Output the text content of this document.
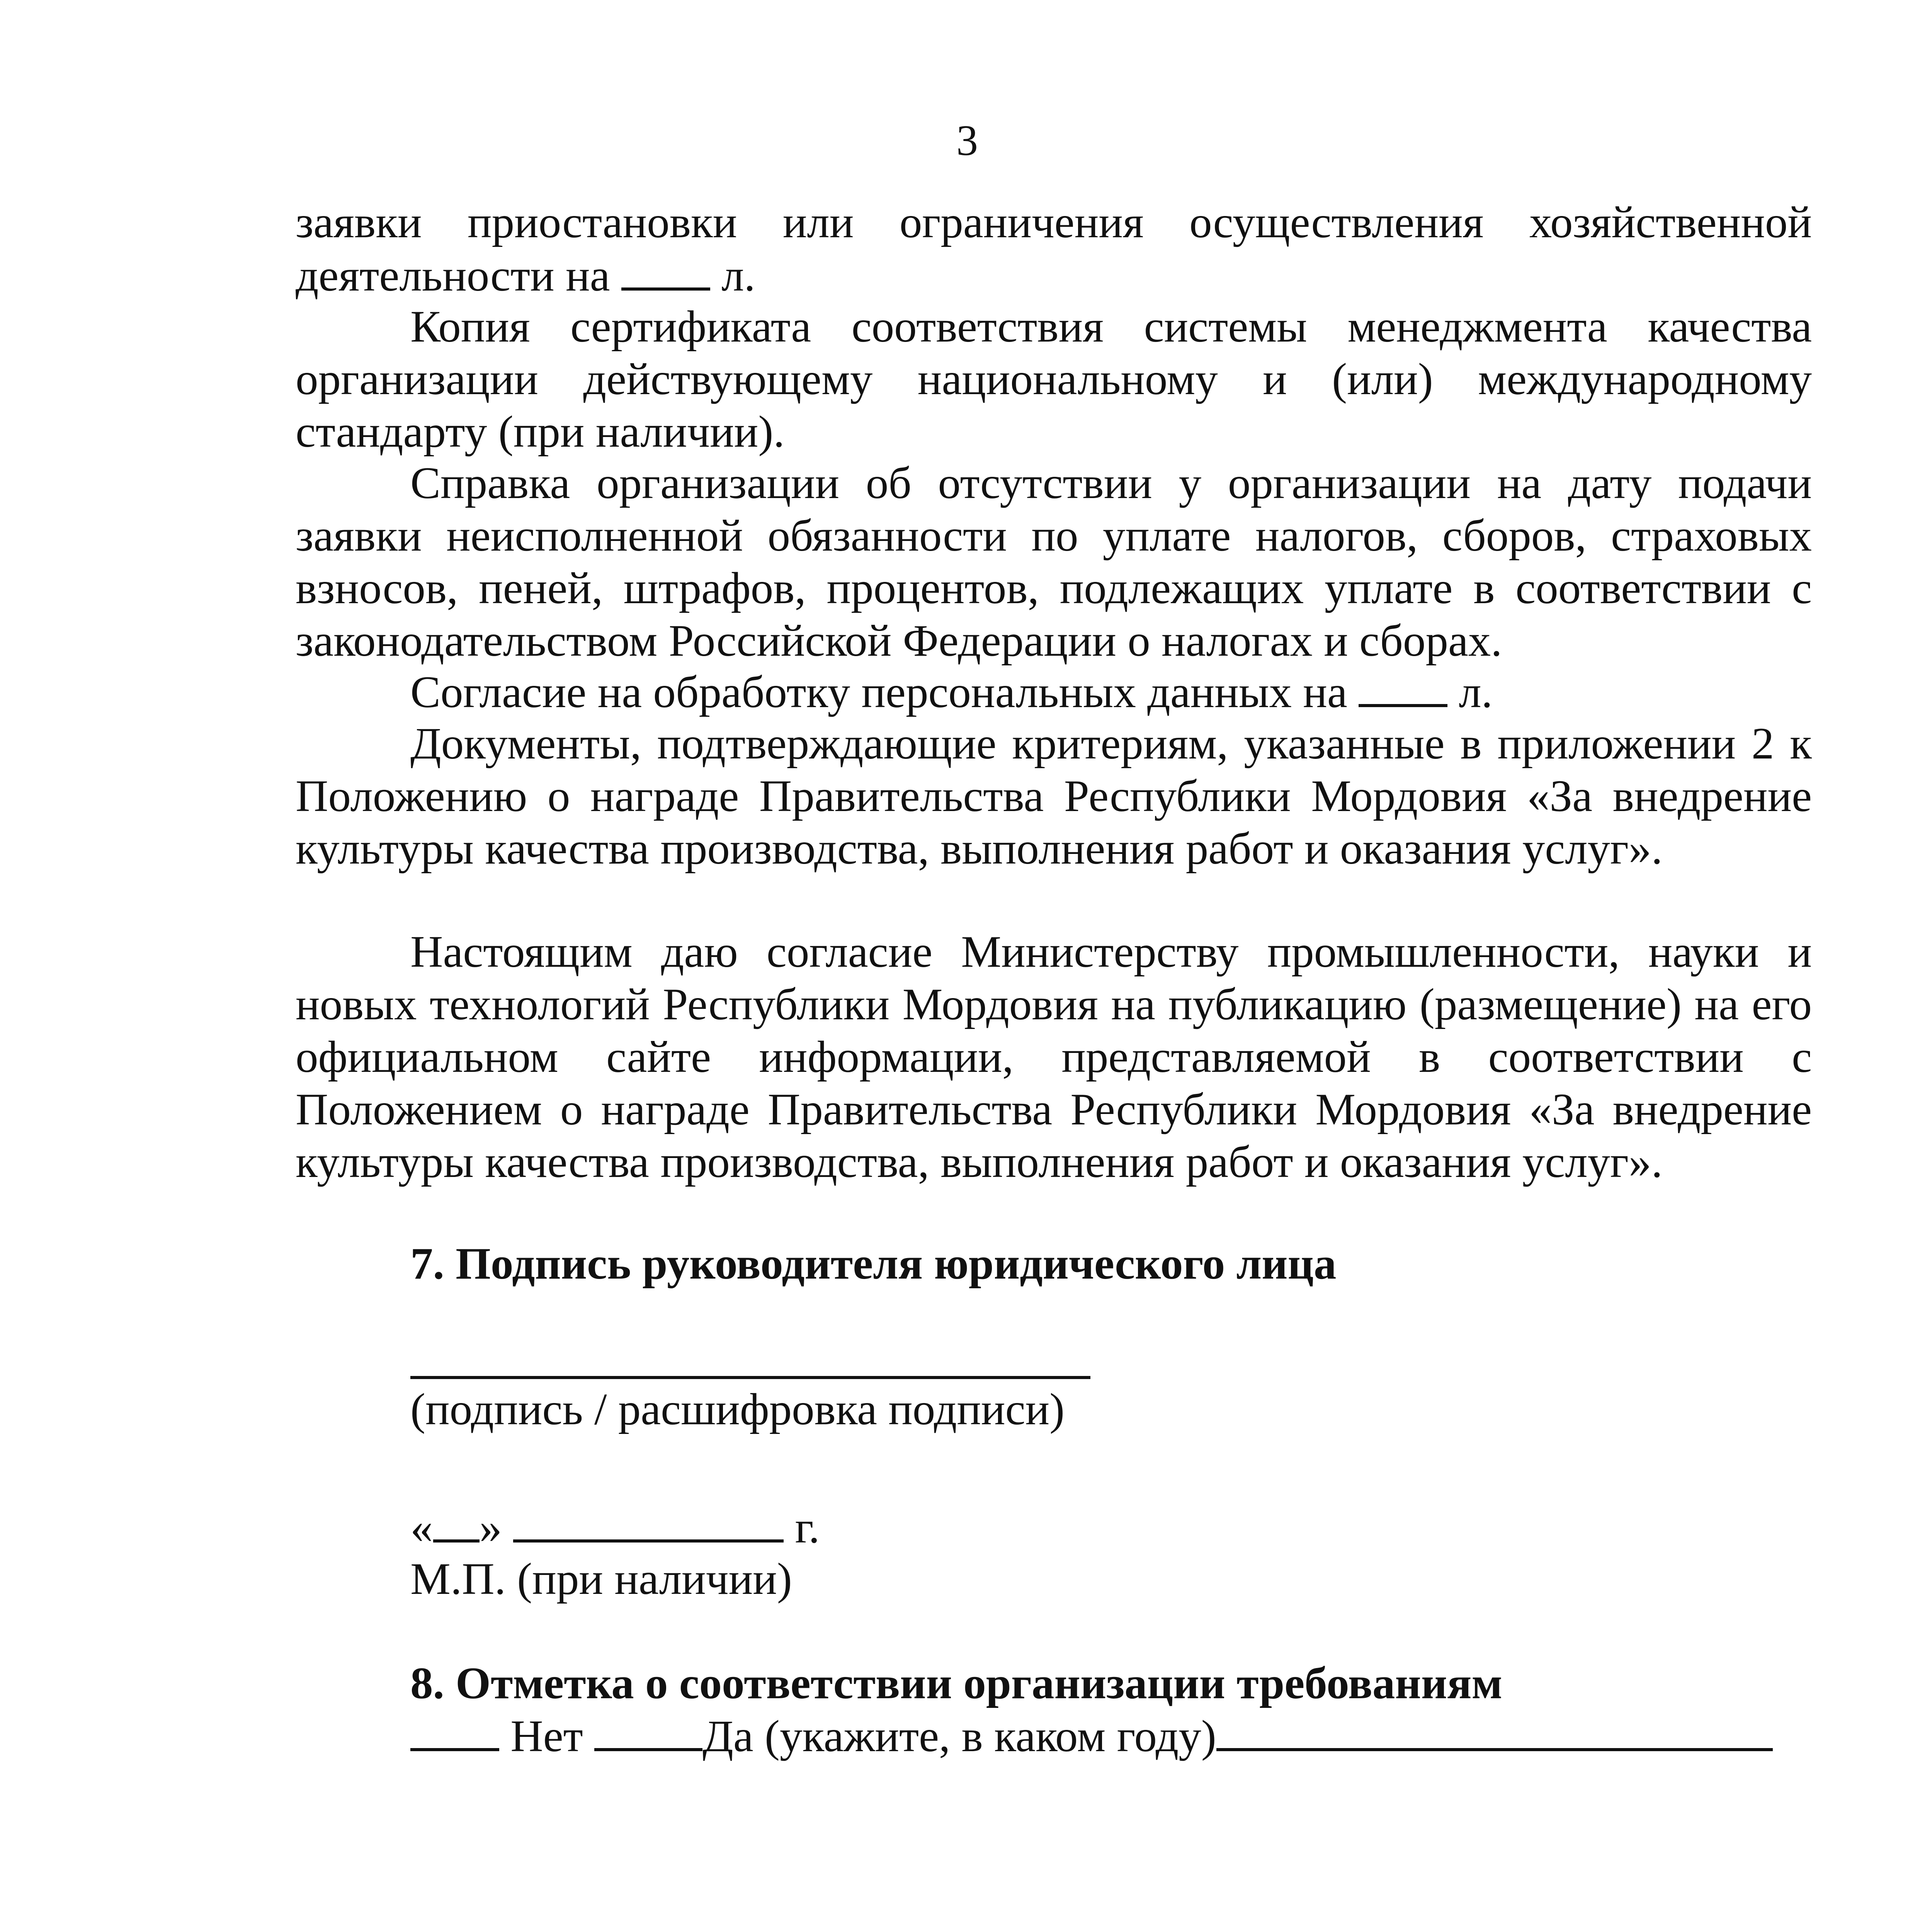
3

заявки приостановки или ограничения осуществления хозяйственной деятельности на л.

Копия сертификата соответствия системы менеджмента качества организации действующему национальному и (или) международному стандарту (при наличии).

Справка организации об отсутствии у организации на дату подачи заявки неисполненной обязанности по уплате налогов, сборов, страховых взносов, пеней, штрафов, процентов, подлежащих уплате в соответствии с законодательством Российской Федерации о налогах и сборах.

Согласие на обработку персональных данных на л.

Документы, подтверждающие критериям, указанные в приложении 2 к Положению о награде Правительства Республики Мордовия «За внедрение культуры качества производства, выполнения работ и оказания услуг».

Настоящим даю согласие Министерству промышленности, науки и новых технологий Республики Мордовия на публикацию (размещение) на его официальном сайте информации, представляемой в соответствии с Положением о награде Правительства Республики Мордовия «За внедрение культуры качества производства, выполнения работ и оказания услуг».

7. Подпись руководителя юридического лица

(подпись / расшифровка подписи)

« »	г.

М.П. (при наличии)

8. Отметка о соответствии организации требованиям

Нет	Да (укажите, в каком году)
